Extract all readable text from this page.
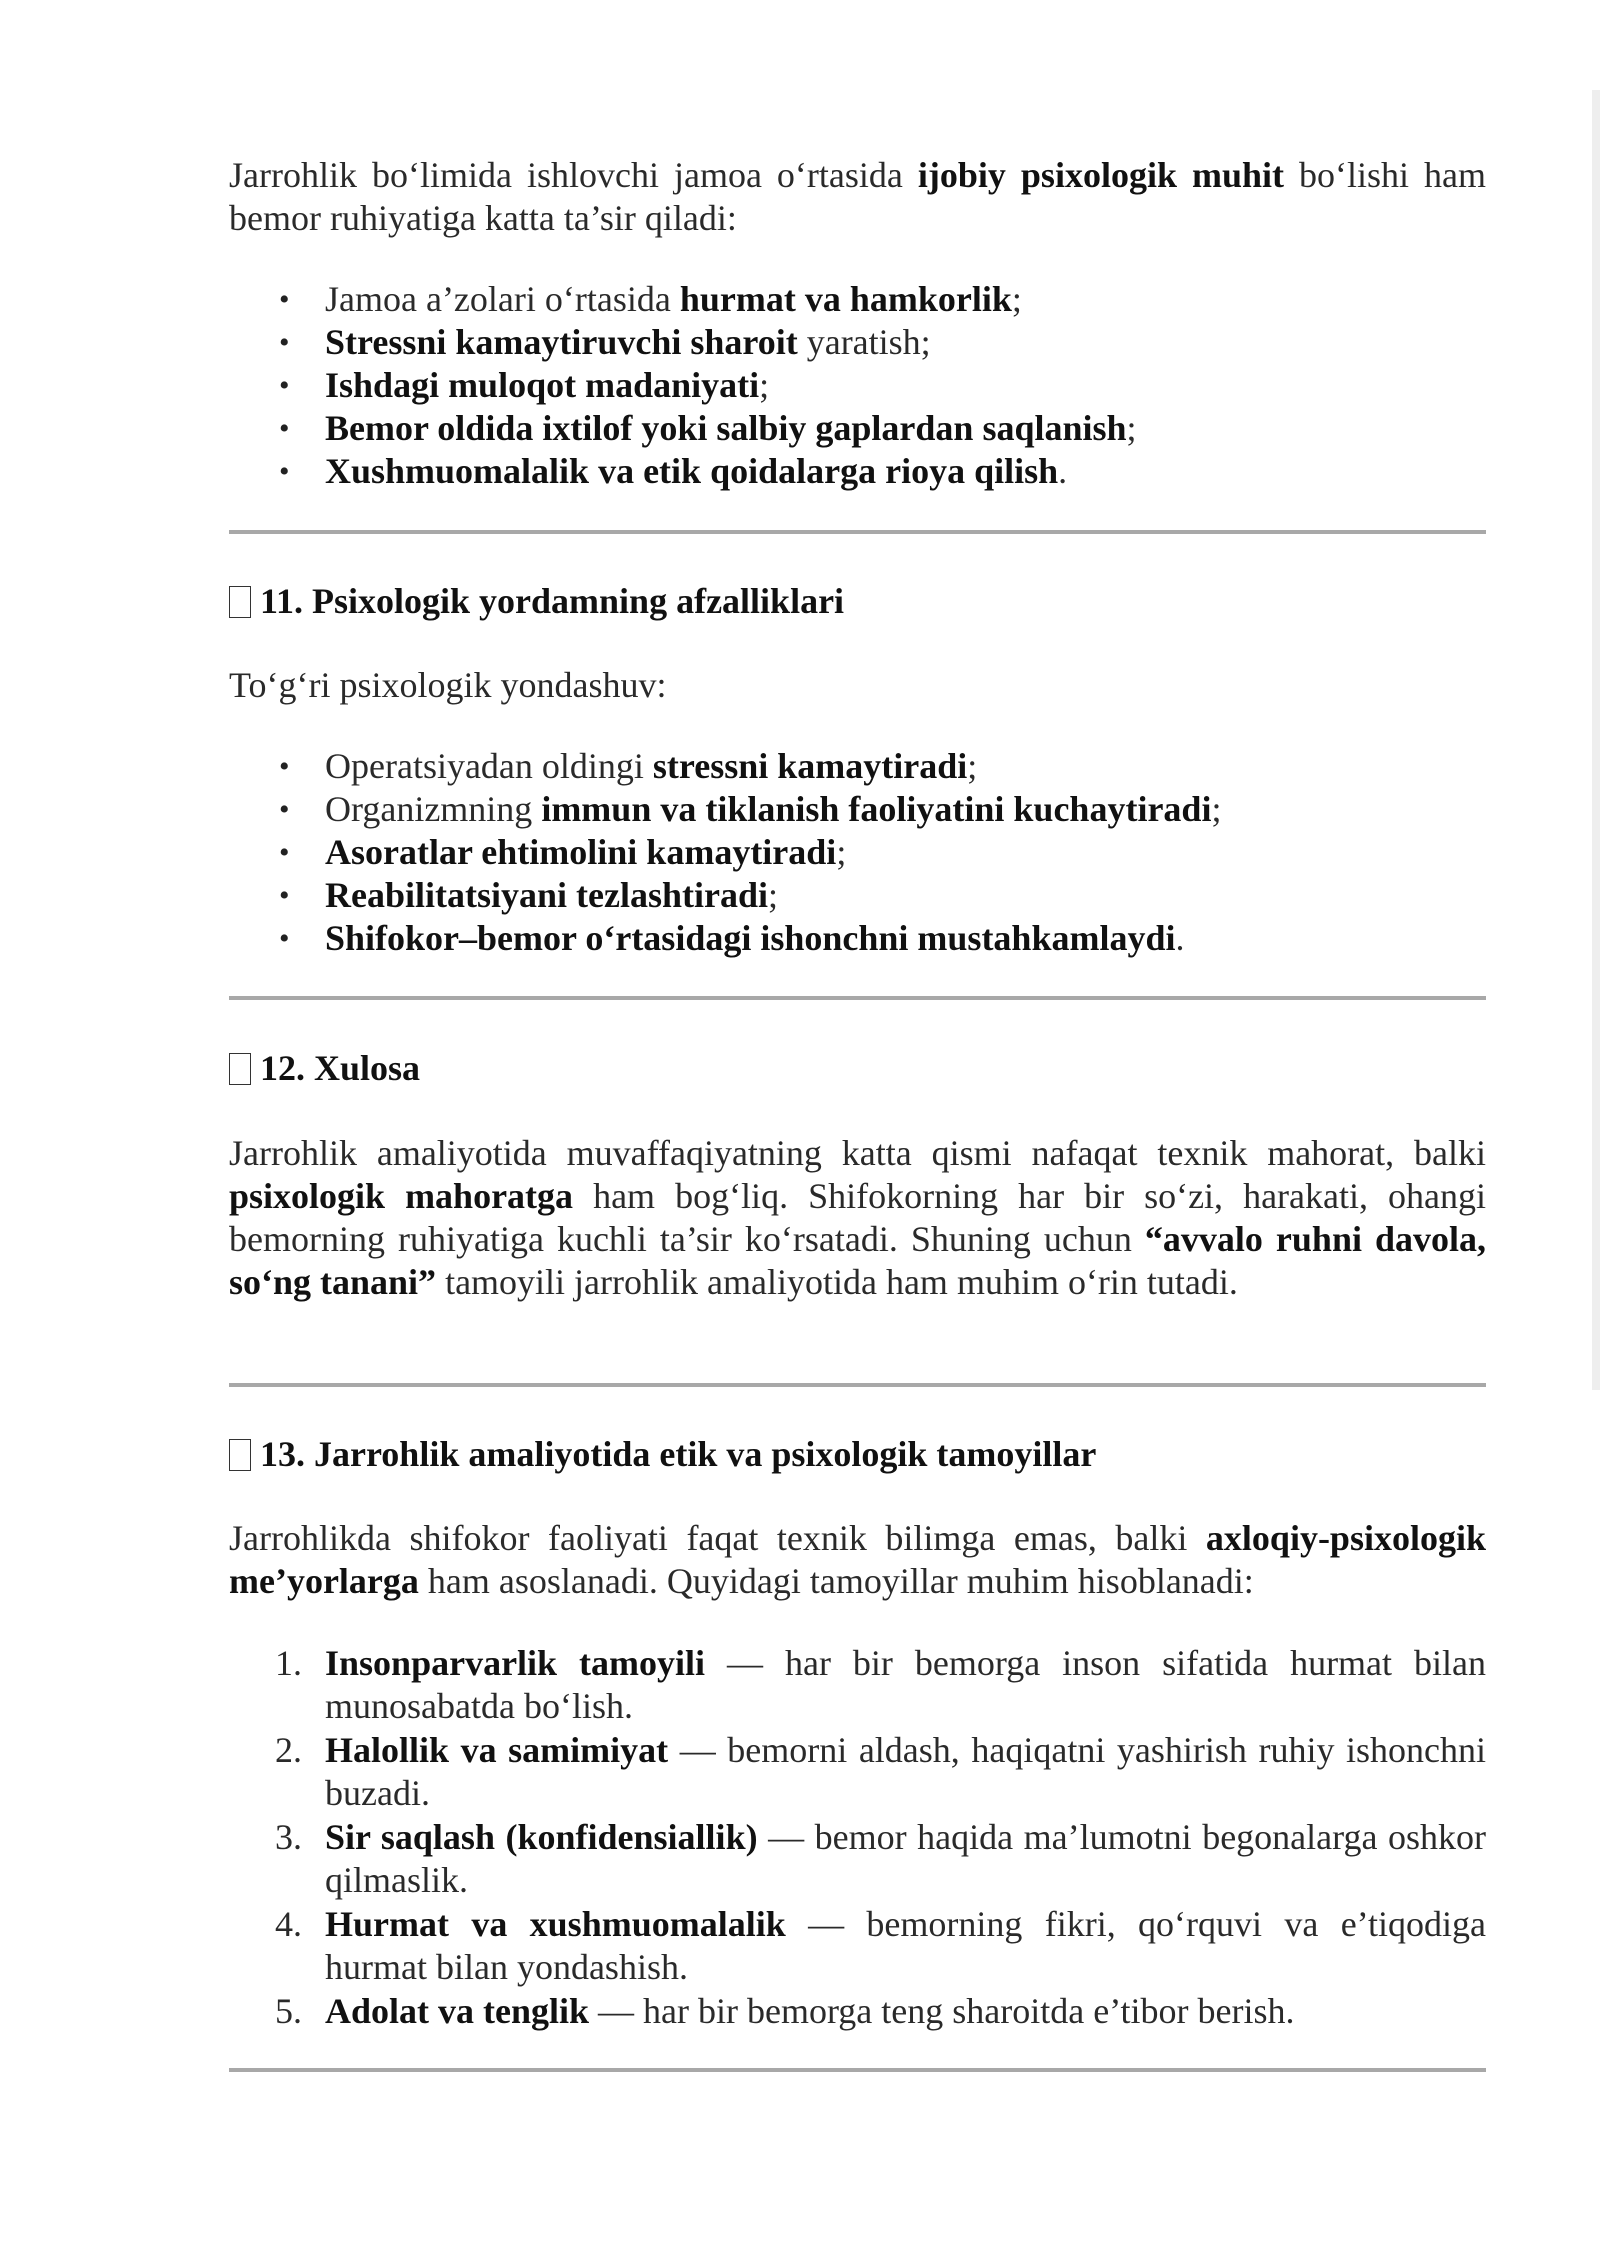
Jarrohlik bo‘limida ishlovchi jamoa o‘rtasida ijobiy psixologik muhit bo‘lishi ham bemor ruhiyatiga katta ta’sir qiladi:

• Jamoa a’zolari o‘rtasida hurmat va hamkorlik;
• Stressni kamaytiruvchi sharoit yaratish;
• Ishdagi muloqot madaniyati;
• Bemor oldida ixtilof yoki salbiy gaplardan saqlanish;
• Xushmuomalalik va etik qoidalarga rioya qilish.
11. Psixologik yordamning afzalliklari

To‘g‘ri psixologik yondashuv:

• Operatsiyadan oldingi stressni kamaytiradi;
• Organizmning immun va tiklanish faoliyatini kuchaytiradi;
• Asoratlar ehtimolini kamaytiradi;
• Reabilitatsiyani tezlashtiradi;
• Shifokor–bemor o‘rtasidagi ishonchni mustahkamlaydi.
12. Xulosa

Jarrohlik amaliyotida muvaffaqiyatning katta qismi nafaqat texnik mahorat, balki psixologik mahoratga ham bog‘liq. Shifokorning har bir so‘zi, harakati, ohangi bemorning ruhiyatiga kuchli ta’sir ko‘rsatadi. Shuning uchun “avvalo ruhni davola, so‘ng tanani” tamoyili jarrohlik amaliyotida ham muhim o‘rin tutadi.

13. Jarrohlik amaliyotida etik va psixologik tamoyillar

Jarrohlikda shifokor faoliyati faqat texnik bilimga emas, balki axloqiy-psixologik me’yorlarga ham asoslanadi. Quyidagi tamoyillar muhim hisoblanadi:

1. Insonparvarlik tamoyili — har bir bemorga inson sifatida hurmat bilan munosabatda bo‘lish.
2. Halollik va samimiyat — bemorni aldash, haqiqatni yashirish ruhiy ishonchni buzadi.
3. Sir saqlash (konfidensiallik) — bemor haqida ma’lumotni begonalarga oshkor qilmaslik.
4. Hurmat va xushmuomalalik — bemorning fikri, qo‘rquvi va e’tiqodiga hurmat bilan yondashish.
5. Adolat va tenglik — har bir bemorga teng sharoitda e’tibor berish.
